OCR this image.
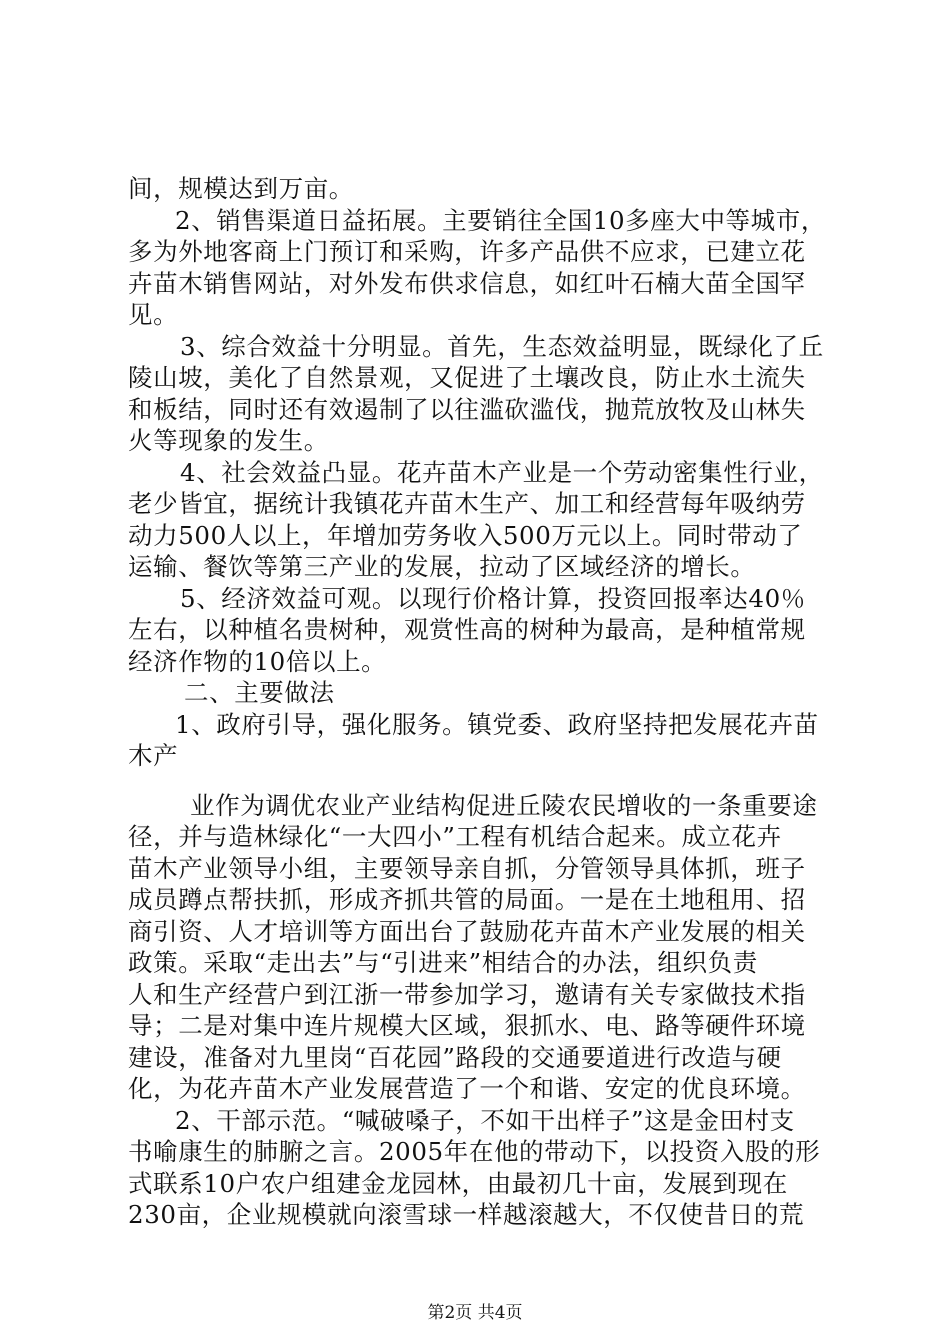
间，规模达到万亩。
2、销售渠道日益拓展。主要销往全国10多座大中等城市，
多为外地客商上门预订和采购，许多产品供不应求，已建立花
卉苗木销售网站，对外发布供求信息，如红叶石楠大苗全国罕
见。
3、综合效益十分明显。首先，生态效益明显，既绿化了丘
陵山坡，美化了自然景观，又促进了土壤改良，防止水土流失
和板结，同时还有效遏制了以往滥砍滥伐，抛荒放牧及山林失
火等现象的发生。
4、社会效益凸显。花卉苗木产业是一个劳动密集性行业，
老少皆宜，据统计我镇花卉苗木生产、加工和经营每年吸纳劳
动力500人以上，年增加劳务收入500万元以上。同时带动了
运输、餐饮等第三产业的发展，拉动了区域经济的增长。
5、经济效益可观。以现行价格计算，投资回报率达40％
左右，以种植名贵树种，观赏性高的树种为最高，是种植常规
经济作物的10倍以上。
二、主要做法
1、政府引导，强化服务。镇党委、政府坚持把发展花卉苗
木产
业作为调优农业产业结构促进丘陵农民增收的一条重要途
径，并与造林绿化“一大四小”工程有机结合起来。成立花卉
苗木产业领导小组，主要领导亲自抓，分管领导具体抓，班子
成员蹲点帮扶抓，形成齐抓共管的局面。一是在土地租用、招
商引资、人才培训等方面出台了鼓励花卉苗木产业发展的相关
政策。采取“走出去”与“引进来”相结合的办法，组织负责
人和生产经营户到江浙一带参加学习，邀请有关专家做技术指
导；二是对集中连片规模大区域，狠抓水、电、路等硬件环境
建设，准备对九里岗“百花园”路段的交通要道进行改造与硬
化，为花卉苗木产业发展营造了一个和谐、安定的优良环境。
2、干部示范。“喊破嗓子，不如干出样子”这是金田村支
书喻康生的肺腑之言。2005年在他的带动下，以投资入股的形
式联系10户农户组建金龙园林，由最初几十亩，发展到现在
230亩，企业规模就向滚雪球一样越滚越大，不仅使昔日的荒
第2页 共4页
